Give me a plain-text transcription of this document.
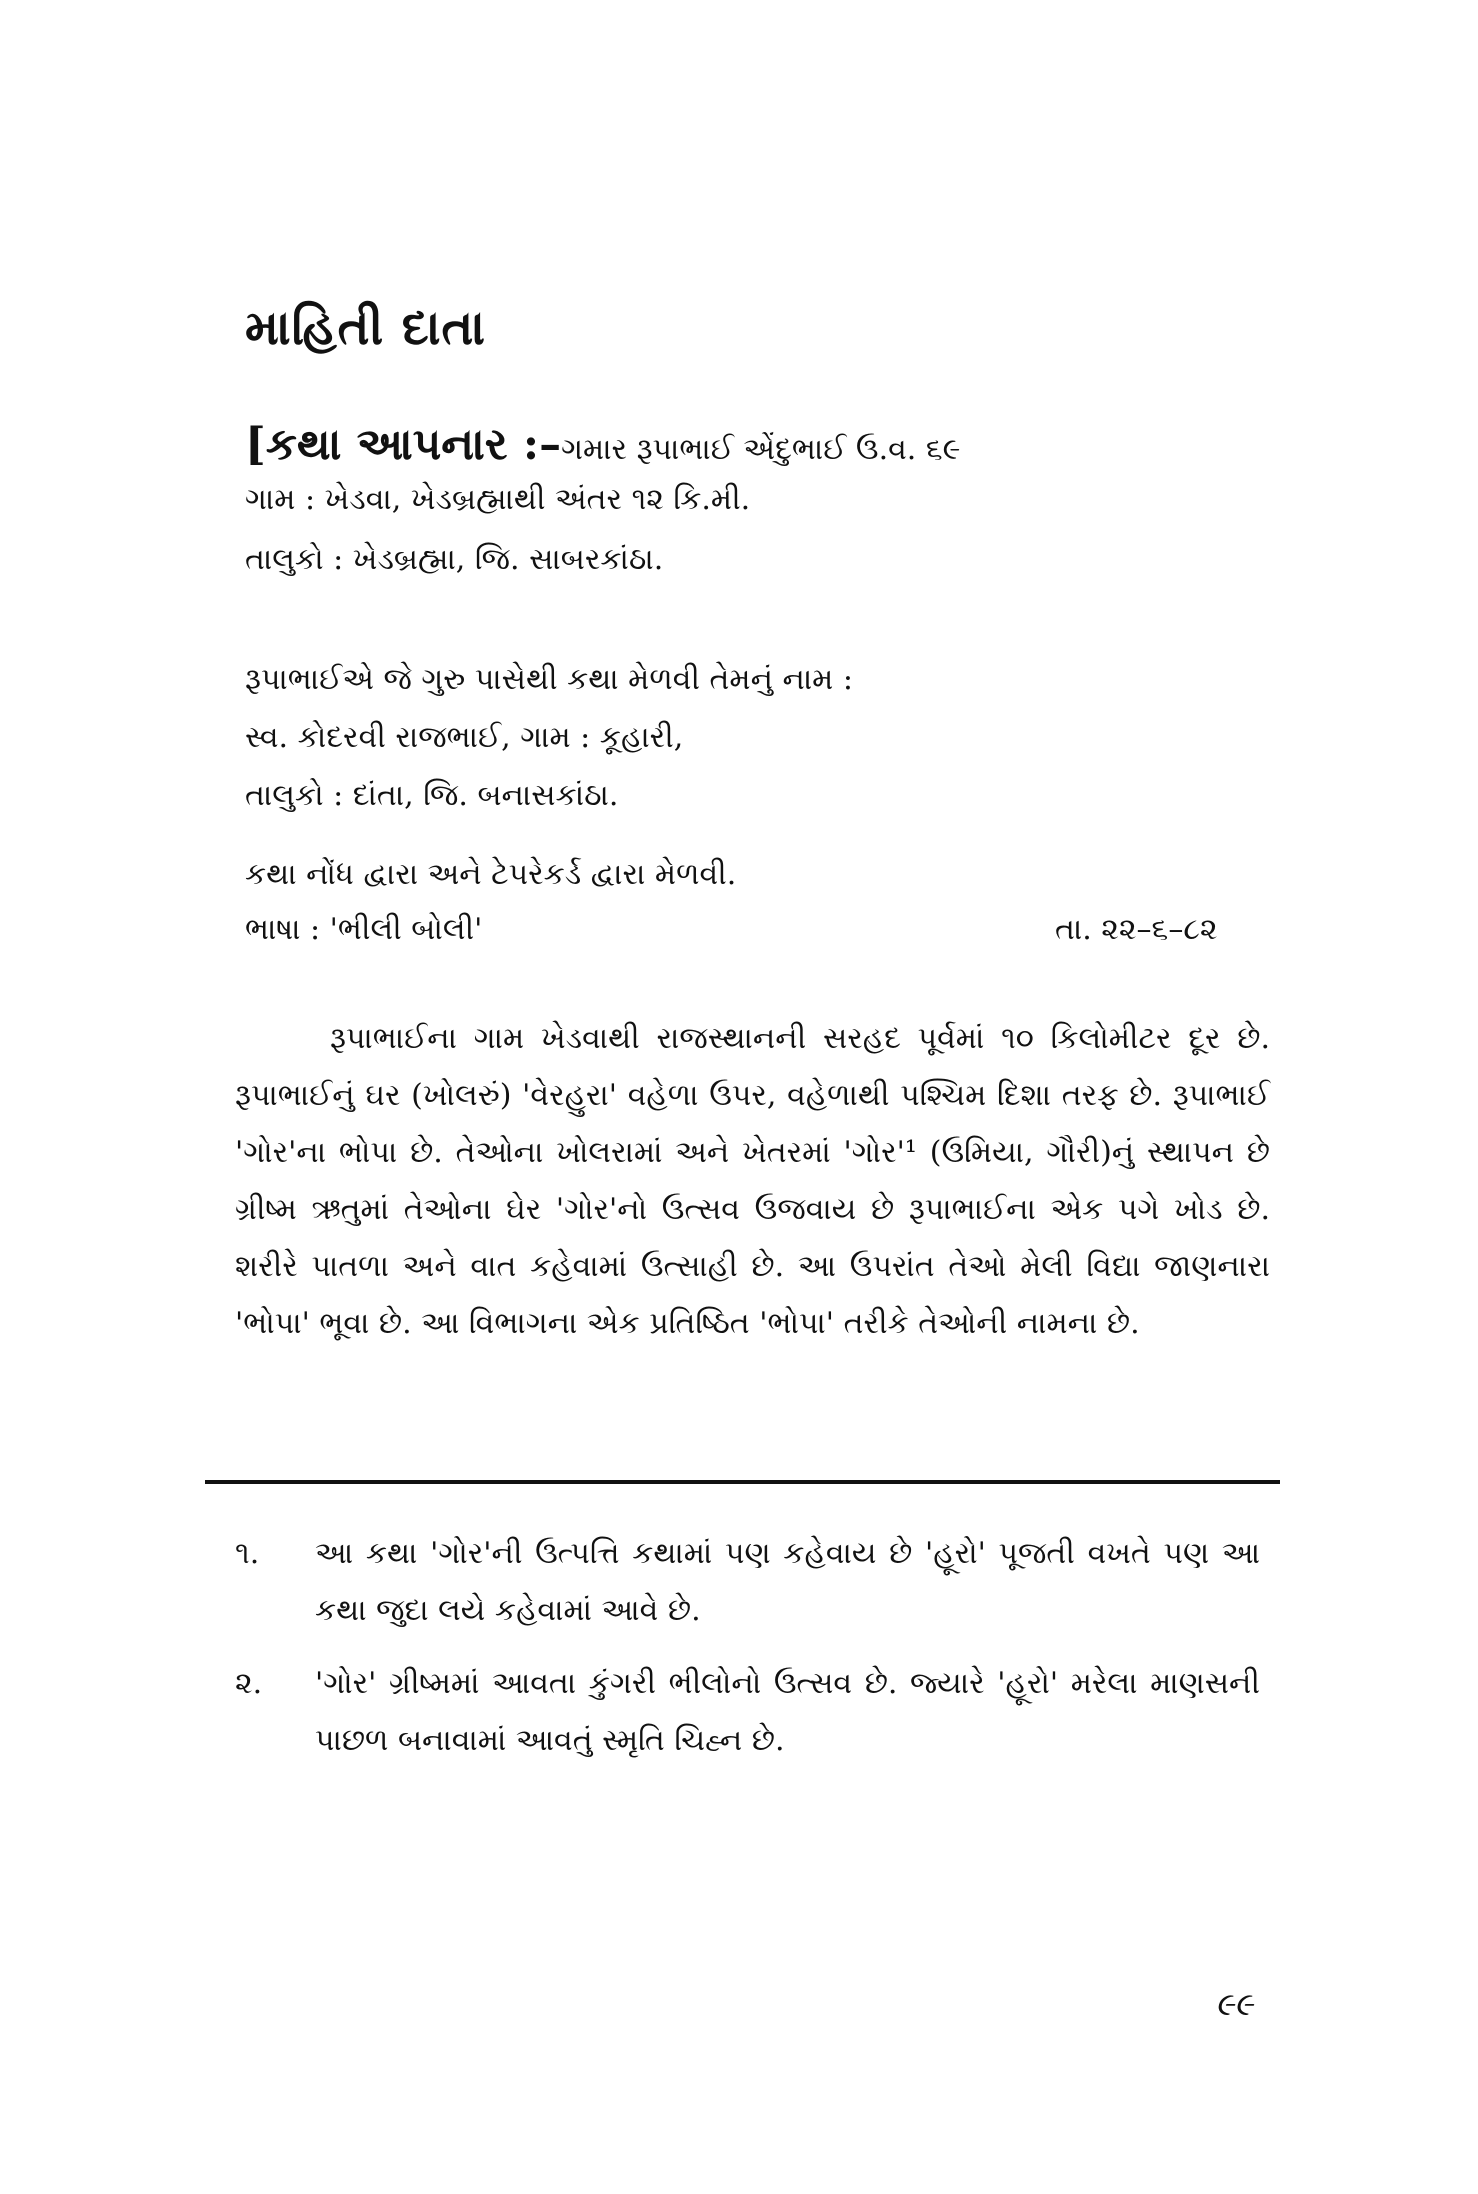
માહિતી દાતા
[કથા આપનાર :–ગમાર રૂપાભાઈ એંદુભાઈ ઉ.વ. ૬૯
ગામ : ખેડવા, ખેડબ્રહ્માથી અંતર ૧૨ કિ.મી.
તાલુકો : ખેડબ્રહ્મા, જિ. સાબરકાંઠા.
રૂપાભાઈએ જે ગુરુ પાસેથી કથા મેળવી તેમનું નામ :
સ્વ. કોદરવી રાજભાઈ, ગામ : કૂહારી,
તાલુકો : દાંતા, જિ. બનાસકાંઠા.
કથા નોંધ દ્વારા અને ટેપરેકર્ડ દ્વારા મેળવી.
ભાષા : 'ભીલી બોલી'	તા. ૨૨–૬–૮૨
રૂપાભાઈના ગામ ખેડવાથી રાજસ્થાનની સરહદ પૂર્વમાં ૧૦ કિલોમીટર દૂર છે. રૂપાભાઈનું ઘર (ખોલરું) 'વેરહુરા' વહેળા ઉપર, વહેળાથી પશ્ચિમ દિશા તરફ છે. રૂપાભાઈ 'ગોર'ના ભોપા છે. તેઓના ખોલરામાં અને ખેતરમાં 'ગોર'¹ (ઉમિયા, ગૌરી)નું સ્થાપન છે ગ્રીષ્મ ઋતુમાં તેઓના ઘેર 'ગોર'નો ઉત્સવ ઉજવાય છે રૂપાભાઈના એક પગે ખોડ છે. શરીરે પાતળા અને વાત કહેવામાં ઉત્સાહી છે. આ ઉપરાંત તેઓ મેલી વિદ્યા જાણનારા 'ભોપા' ભૂવા છે. આ વિભાગના એક પ્રતિષ્ઠિત 'ભોપા' તરીકે તેઓની નામના છે.
૧. આ કથા 'ગોર'ની ઉત્પત્તિ કથામાં પણ કહેવાય છે 'હૂરો' પૂજતી વખતે પણ આ કથા જુદા લયે કહેવામાં આવે છે.
૨. 'ગોર' ગ્રીષ્મમાં આવતા કુંગરી ભીલોનો ઉત્સવ છે. જ્યારે 'હૂરો' મરેલા માણસની પાછળ બનાવામાં આવતું સ્મૃતિ ચિહ્ન છે.
૯૯
